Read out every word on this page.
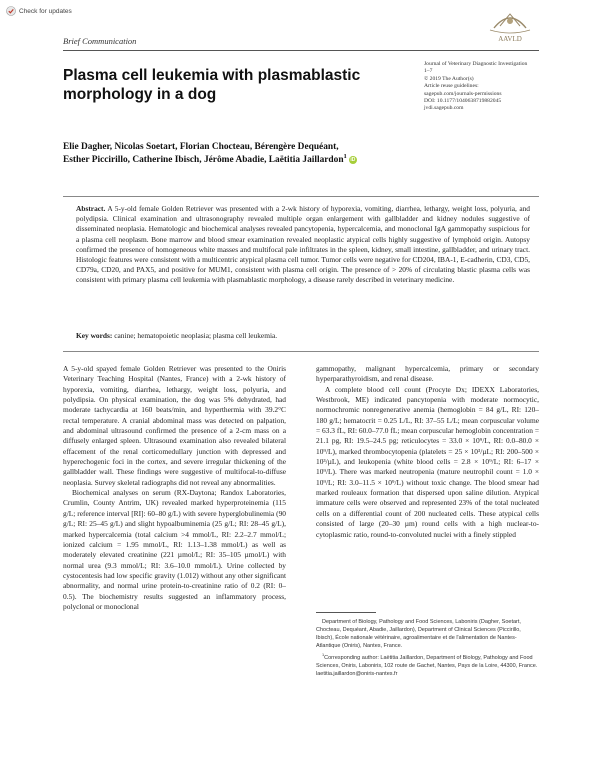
Check for updates
AAVLD
Brief Communication
Plasma cell leukemia with plasmablastic morphology in a dog
Journal of Veterinary Diagnostic Investigation
1–7
© 2019 The Author(s)
Article reuse guidelines:
sagepub.com/journals-permissions
DOI: 10.1177/1040638719882045
jvdi.sagepub.com
Elie Dagher, Nicolas Soetart, Florian Chocteau, Bérengère Dequéant,
Esther Piccirillo, Catherine Ibisch, Jérôme Abadie, Laëtitia Jaillardon$^1$iD
Abstract. A 5-y-old female Golden Retriever was presented with a 2-wk history of hyporexia, vomiting, diarrhea, lethargy, weight loss, polyuria, and polydipsia. Clinical examination and ultrasonography revealed multiple organ enlargement with gallbladder and kidney nodules suggestive of disseminated neoplasia. Hematologic and biochemical analyses revealed pancytopenia, hypercalcemia, and monoclonal IgA gammopathy suspicious for a plasma cell neoplasm. Bone marrow and blood smear examination revealed neoplastic atypical cells highly suggestive of lymphoid origin. Autopsy confirmed the presence of homogeneous white masses and multifocal pale infiltrates in the spleen, kidney, small intestine, gallbladder, and urinary tract. Histologic features were consistent with a multicentric atypical plasma cell tumor. Tumor cells were negative for CD204, IBA-1, E-cadherin, CD3, CD5, CD79a, CD20, and PAX5, and positive for MUM1, consistent with plasma cell origin. The presence of > 20% of circulating blastic plasma cells was consistent with primary plasma cell leukemia with plasmablastic morphology, a disease rarely described in veterinary medicine.
Key words: canine; hematopoietic neoplasia; plasma cell leukemia.

A 5-y-old spayed female Golden Retriever was presented to the Oniris Veterinary Teaching Hospital (Nantes, France) with a 2-wk history of hyporexia, vomiting, diarrhea, lethargy, weight loss, polyuria, and polydipsia. On physical examination, the dog was 5% dehydrated, had moderate tachycardia at 160 beats/min, and hyperthermia with 39.2°C rectal temperature. A cranial abdominal mass was detected on palpation, and abdominal ultrasound confirmed the presence of a 2-cm mass on a diffusely enlarged spleen. Ultrasound examination also revealed bilateral effacement of the renal corticomedullary junction with depressed and hyperechogenic foci in the cortex, and severe irregular thickening of the gallbladder wall. These findings were suggestive of multifocal-to-diffuse neoplasia. Survey skeletal radiographs did not reveal any abnormalities.

Biochemical analyses on serum (RX-Daytona; Randox Laboratories, Crumlin, County Antrim, UK) revealed marked hyperproteinemia (115 g/L; reference interval [RI]: 60–80 g/L) with severe hyperglobulinemia (90 g/L; RI: 25–45 g/L) and slight hypoalbuminemia (25 g/L; RI: 28–45 g/L), marked hypercalcemia (total calcium >4 mmol/L, RI: 2.2–2.7 mmol/L; ionized calcium = 1.95 mmol/L, RI: 1.13–1.38 mmol/L) as well as moderately elevated creatinine (221 µmol/L; RI: 35–105 µmol/L) with normal urea (9.3 mmol/L; RI: 3.6–10.0 mmol/L). Urine collected by cystocentesis had low specific gravity (1.012) without any other significant abnormality, and normal urine protein-to-creatinine ratio of 0.2 (RI: 0–0.5). The biochemistry results suggested an inflammatory process, polyclonal or monoclonal

gammopathy, malignant hypercalcemia, primary or secondary hyperparathyroidism, and renal disease.

A complete blood cell count (Procyte Dx; IDEXX Laboratories, Westbrook, ME) indicated pancytopenia with moderate normocytic, normochromic nonregenerative anemia (hemoglobin = 84 g/L, RI: 120–180 g/L; hematocrit = 0.25 L/L, RI: 37–55 L/L; mean corpuscular volume = 63.3 fL, RI: 60.0–77.0 fL; mean corpuscular hemoglobin concentration = 21.1 pg, RI: 19.5–24.5 pg; reticulocytes = 33.0 × 10⁹/L, RI: 0.0–80.0 × 10⁹/L), marked thrombocytopenia (platelets = 25 × 10³/µL; RI: 200–500 × 10³/µL), and leukopenia (white blood cells = 2.8 × 10⁹/L; RI: 6–17 × 10⁹/L). There was marked neutropenia (mature neutrophil count = 1.0 × 10⁹/L; RI: 3.0–11.5 × 10⁹/L) without toxic change. The blood smear had marked rouleaux formation that dispersed upon saline dilution. Atypical immature cells were observed and represented 23% of the total nucleated cells on a differential count of 200 nucleated cells. These atypical cells consisted of large (20–30 µm) round cells with a high nuclear-to-cytoplasmic ratio, round-to-convoluted nuclei with a finely stippled

Department of Biology, Pathology and Food Sciences, Laboniris (Dagher, Soetart, Chocteau, Dequéant, Abadie, Jaillardon), Department of Clinical Sciences (Piccirillo, Ibisch), École nationale vétérinaire, agroalimentaire et de l'alimentation de Nantes-Atlantique (Oniris), Nantes, France.

$^1$Corresponding author: Laëtitia Jaillardon, Department of Biology, Pathology and Food Sciences, Oniris, Laboniris, 102 route de Gachet, Nantes, Pays de la Loire, 44300, France. laetitia.jaillardon@oniris-nantes.fr
